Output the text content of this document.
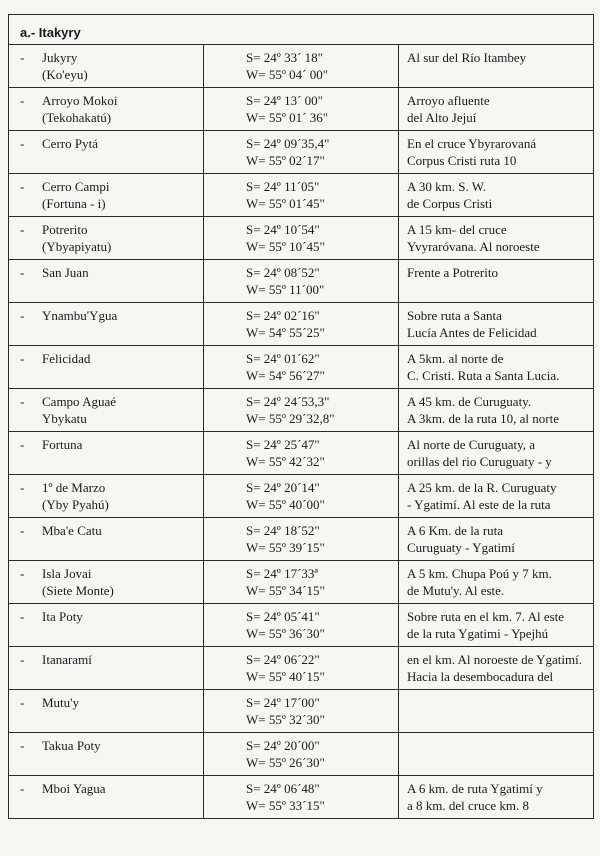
a.- Itakyry		
- Jukyry
(Ko'eyu)	S= 24º 33´ 18"
W= 55º 04´ 00"	Al sur del Río Itambey

- Arroyo Mokoi
(Tekohakatú)	S= 24º 13´ 00"
W= 55º 01´ 36"	Arroyo afluente
del Alto Jejuí

- Cerro Pytá	S= 24º 09´35,4"
W= 55º 02´17"	En el cruce Ybyrarovaná
Corpus Cristi ruta 10

- Cerro Campi
(Fortuna - i)	S= 24º 11´05"
W= 55º 01´45"	A 30 km. S. W.
de Corpus Cristi

- Potrerito
(Ybyapiyatu)	S= 24º 10´54"
W= 55º 10´45"	A 15 km- del cruce
Yvyraróvana. Al noroeste

- San Juan	S= 24º 08´52"
W= 55º 11´00"	Frente a Potrerito

- Ynambu'Ygua	S= 24º 02´16"
W= 54º 55´25"	Sobre ruta a Santa
Lucía Antes de Felicidad

- Felicidad	S= 24º 01´62"
W= 54º 56´27"	A 5km. al norte de
C. Cristi. Ruta a Santa Lucia.

- Campo Aguaé
Ybykatu	S= 24º 24´53,3"
W= 55º 29´32,8"	A 45 km. de Curuguaty.
A 3km. de la ruta 10, al norte

- Fortuna	S= 24º 25´47"
W= 55º 42´32"	Al norte de Curuguaty, a
orillas del rio Curuguaty - y

- 1º de Marzo
(Yby Pyahú)	S= 24º 20´14"
W= 55º 40´00"	A 25 km. de la R. Curuguaty
- Ygatimí. Al este de la ruta

- Mba'e Catu	S= 24º 18´52"
W= 55º 39´15"	A 6 Km. de la ruta
Curuguaty - Ygatimí

- Isla Jovai
(Siete Monte)	S= 24º 17´33ª
W= 55º 34´15"	A 5 km. Chupa Poú y 7 km.
de Mutu'y. Al este.

- Ita Poty	S= 24º 05´41"
W= 55º 36´30"	Sobre ruta en el km. 7. Al este
de la ruta Ygatimi - Ypejhú

- Itanaramí	S= 24º 06´22"
W= 55º 40´15"	en el km. Al noroeste de Ygatimí.
Hacia la desembocadura del

- Mutu'y	S= 24º 17´00"
W= 55º 32´30"	

- Takua Poty	S= 24º 20´00"
W= 55º 26´30"	

- Mboi Yagua	S= 24º 06´48"
W= 55º 33´15"	A 6 km. de ruta Ygatimí y
a 8 km. del cruce km. 8
